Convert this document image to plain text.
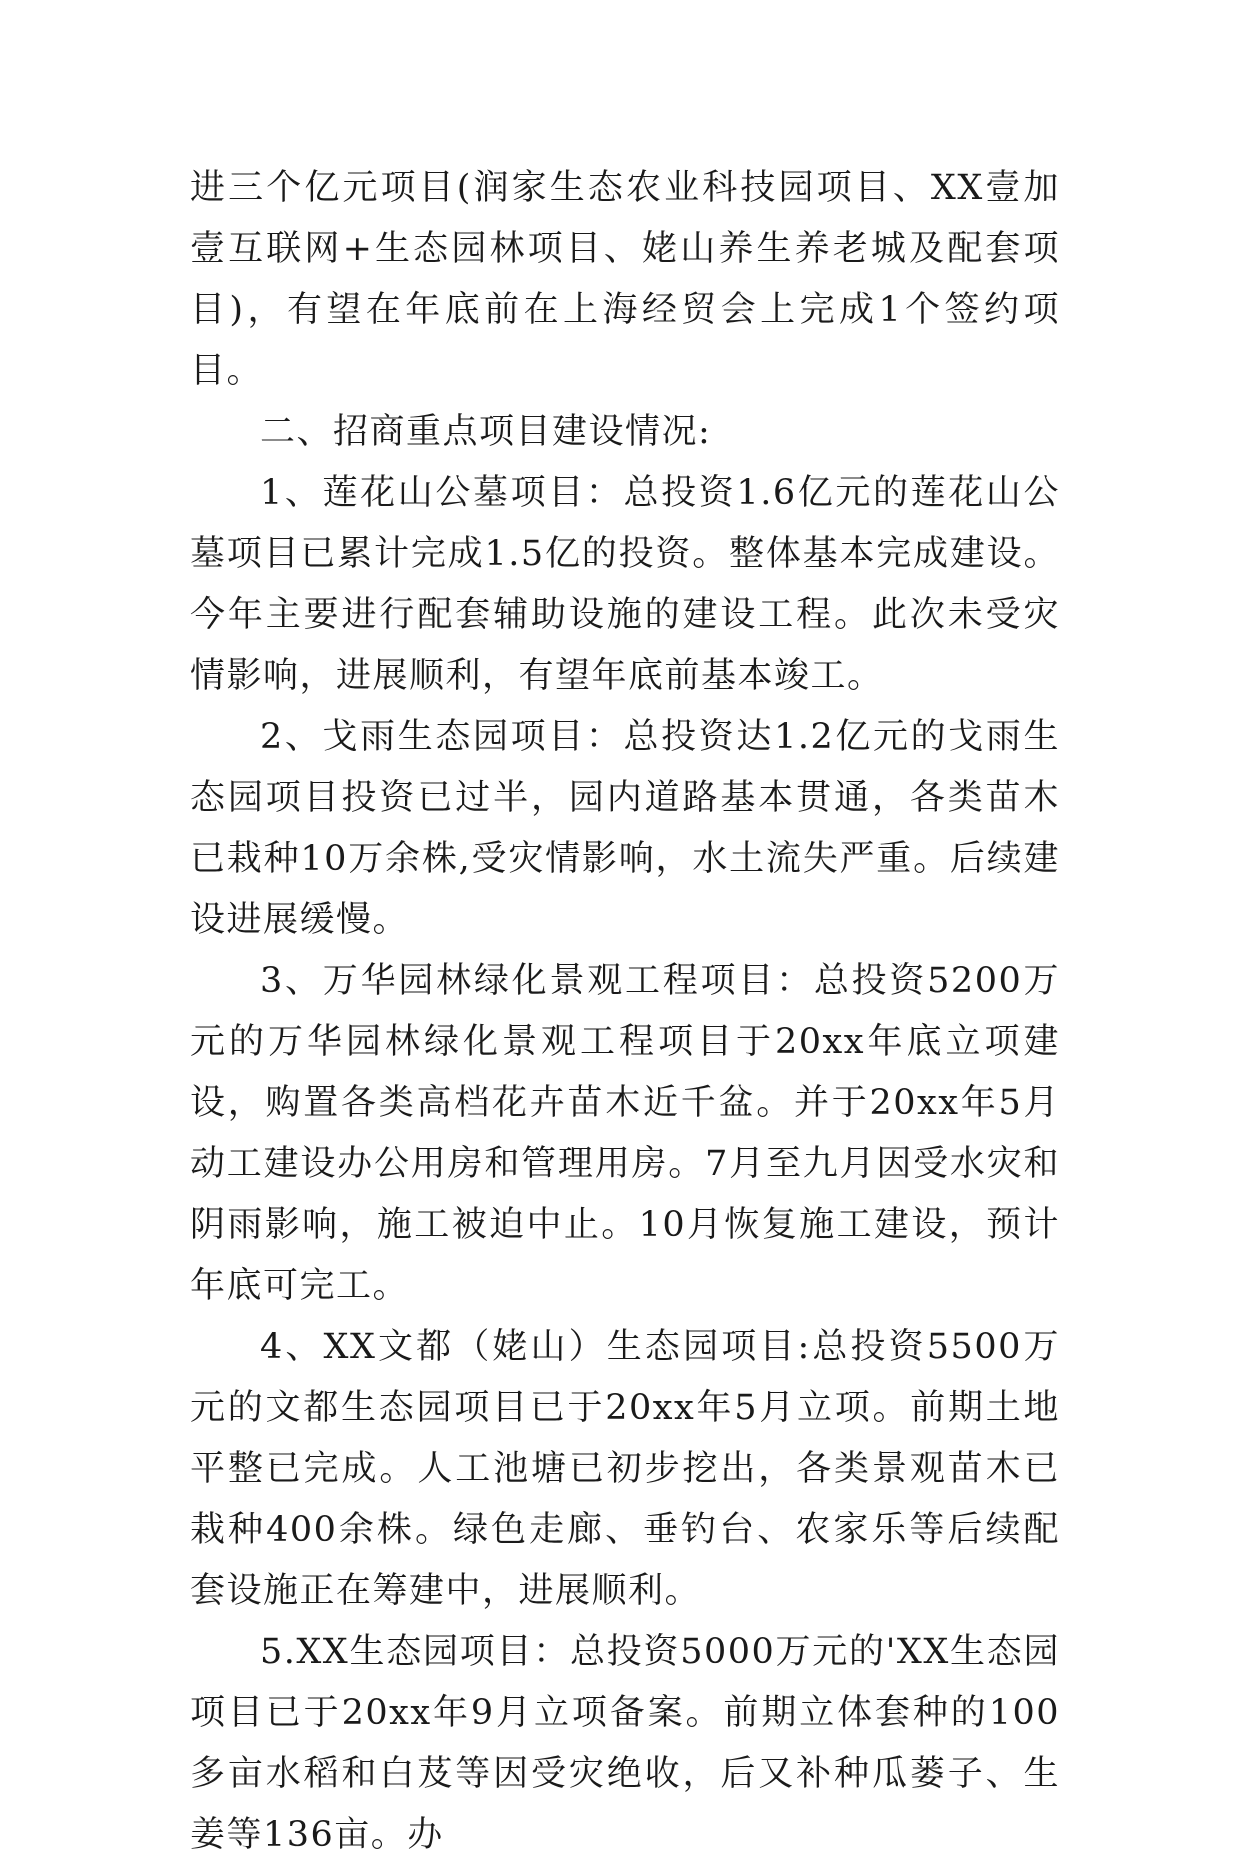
进三个亿元项目(润家生态农业科技园项目、XX壹加壹互联网+生态园林项目、姥山养生养老城及配套项目)，有望在年底前在上海经贸会上完成1个签约项目。

二、招商重点项目建设情况:

1、莲花山公墓项目：总投资1.6亿元的莲花山公墓项目已累计完成1.5亿的投资。整体基本完成建设。今年主要进行配套辅助设施的建设工程。此次未受灾情影响，进展顺利，有望年底前基本竣工。

2、戈雨生态园项目：总投资达1.2亿元的戈雨生态园项目投资已过半，园内道路基本贯通，各类苗木已栽种10万余株,受灾情影响，水土流失严重。后续建设进展缓慢。

3、万华园林绿化景观工程项目：总投资5200万元的万华园林绿化景观工程项目于20xx年底立项建设，购置各类高档花卉苗木近千盆。并于20xx年5月动工建设办公用房和管理用房。7月至九月因受水灾和阴雨影响，施工被迫中止。10月恢复施工建设，预计年底可完工。

4、XX文都（姥山）生态园项目:总投资5500万元的文都生态园项目已于20xx年5月立项。前期土地平整已完成。人工池塘已初步挖出，各类景观苗木已栽种400余株。绿色走廊、垂钓台、农家乐等后续配套设施正在筹建中，进展顺利。

5.XX生态园项目：总投资5000万元的'XX生态园项目已于20xx年9月立项备案。前期立体套种的100多亩水稻和白芨等因受灾绝收，后又补种瓜蒌子、生姜等136亩。办
